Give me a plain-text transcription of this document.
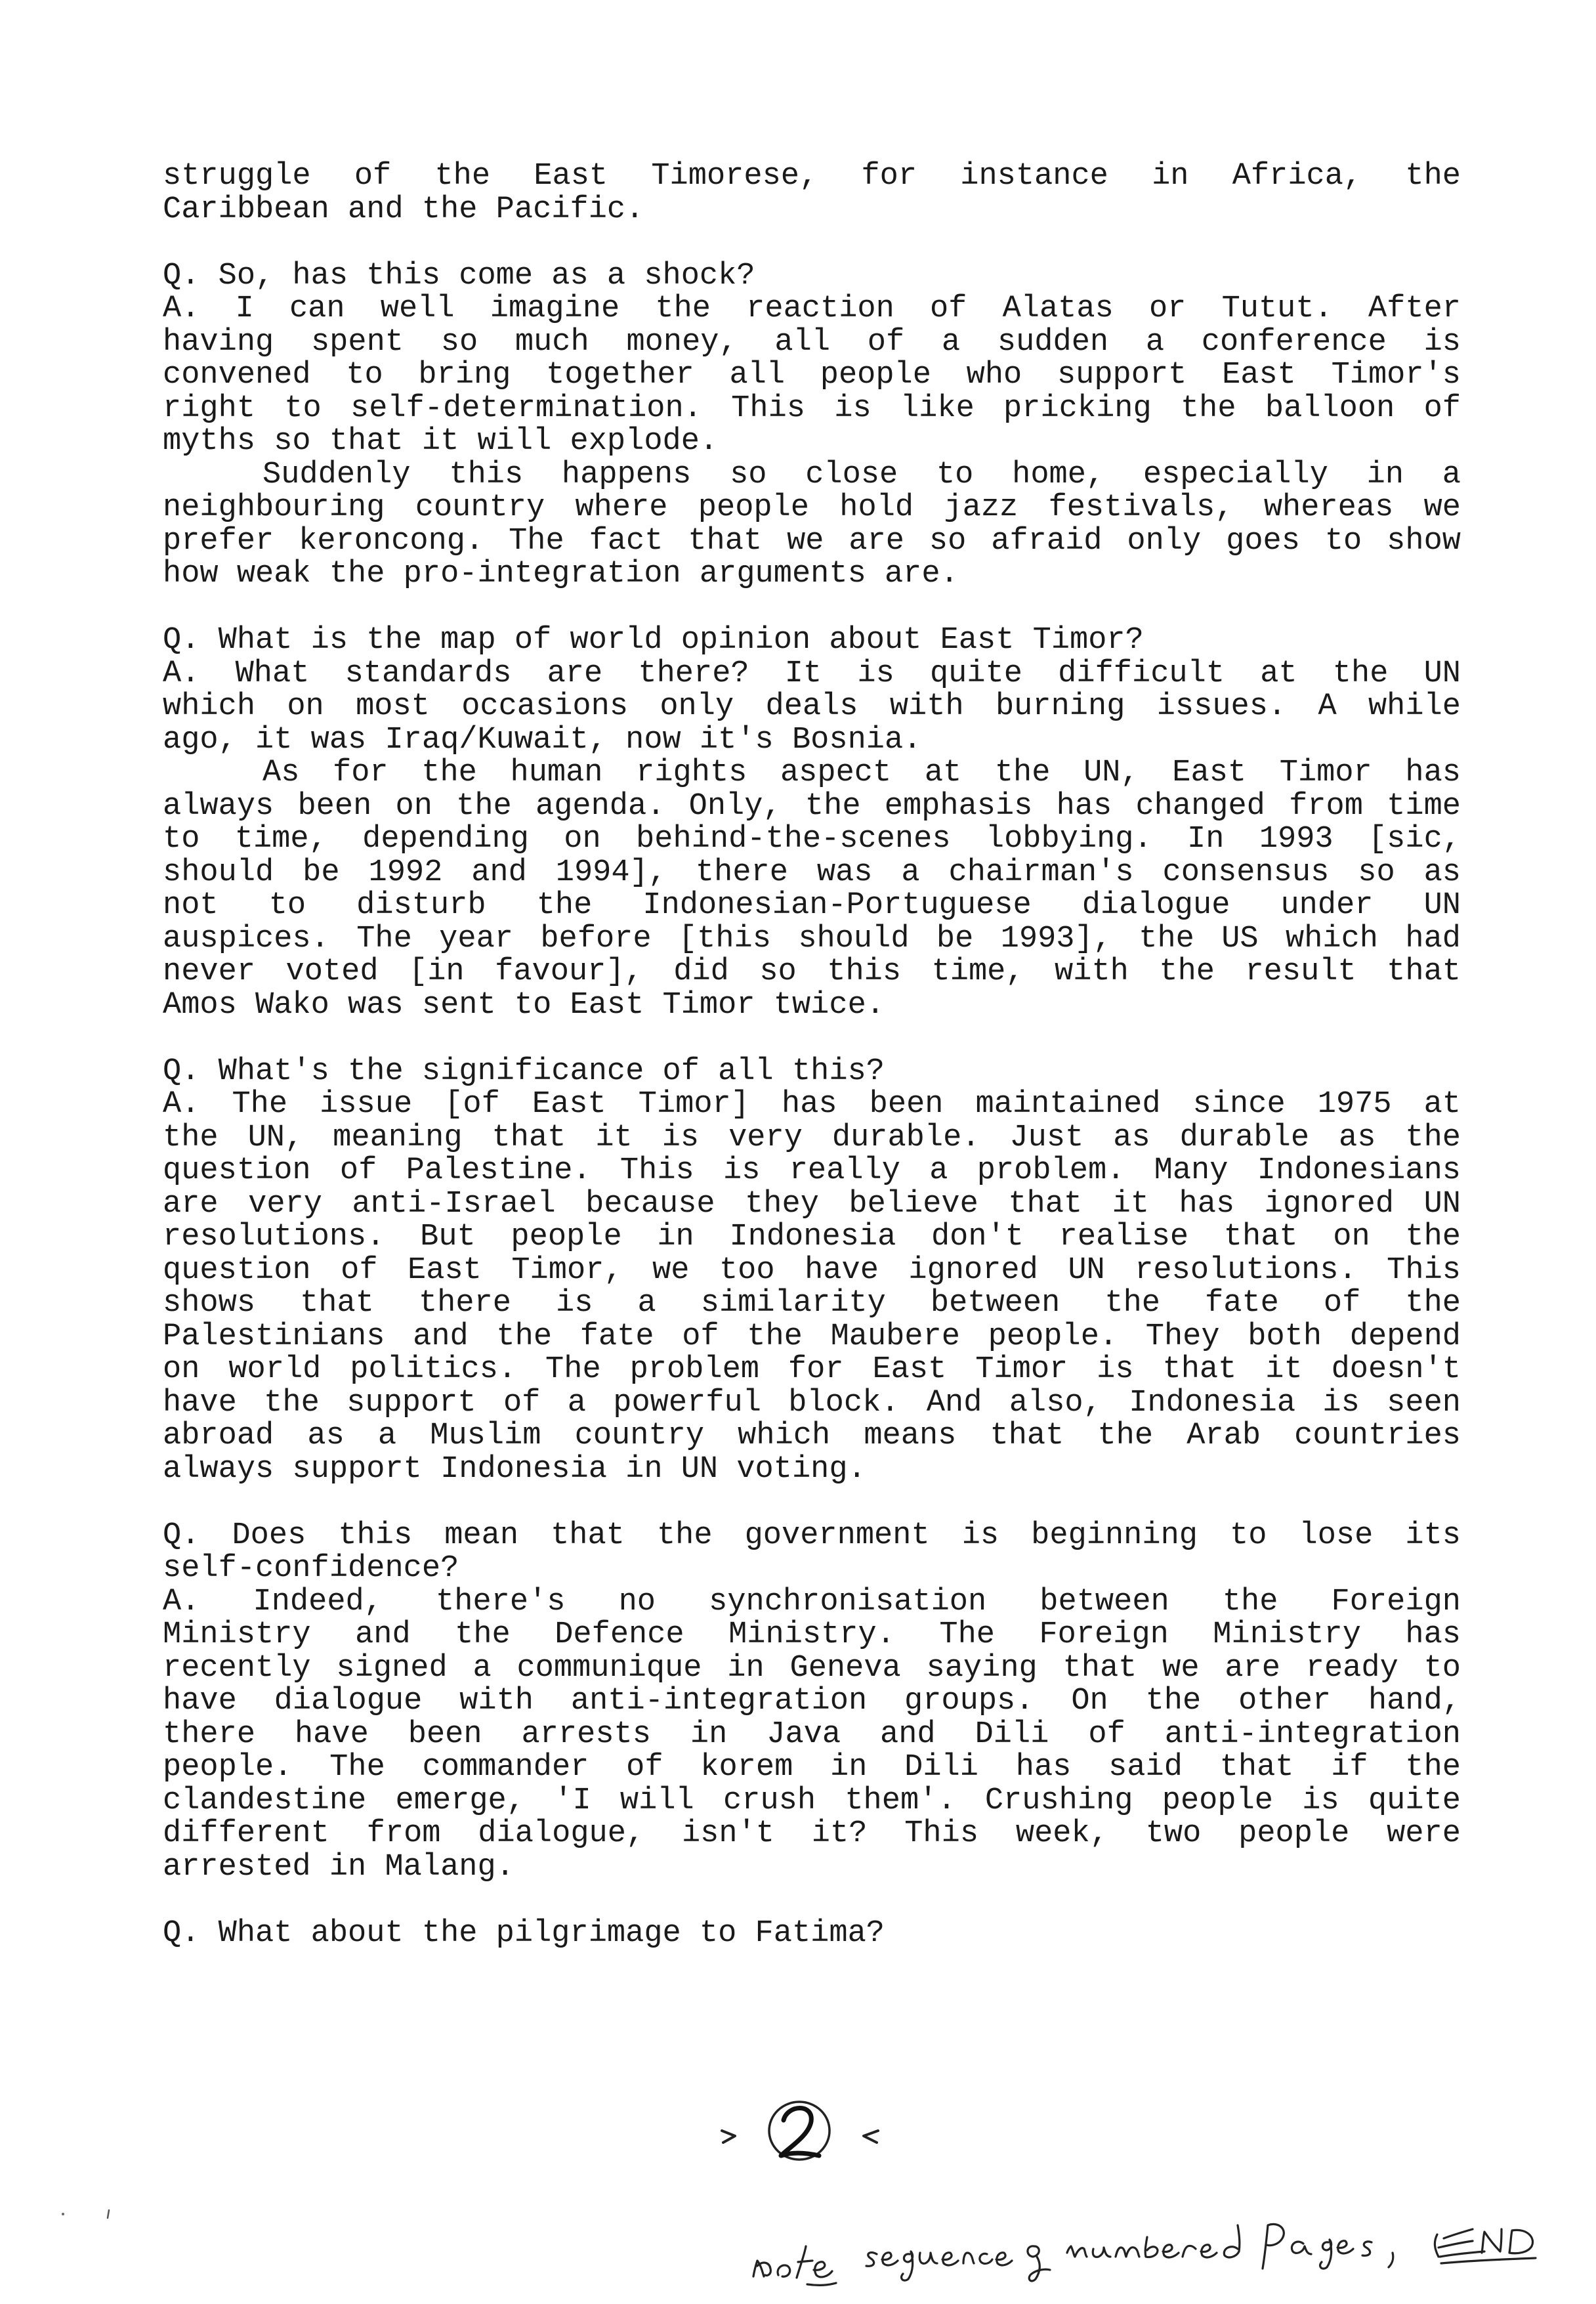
struggle of the East Timorese, for instance in Africa, the
Caribbean and the Pacific.
Q. So, has this come as a shock?
A. I can well imagine the reaction of Alatas or Tutut. After
having spent so much money, all of a sudden a conference is
convened to bring together all people who support East Timor's
right to self-determination. This is like pricking the balloon of
myths so that it will explode.
Suddenly this happens so close to home, especially in a
neighbouring country where people hold jazz festivals, whereas we
prefer keroncong. The fact that we are so afraid only goes to show
how weak the pro-integration arguments are.
Q. What is the map of world opinion about East Timor?
A. What standards are there? It is quite difficult at the UN
which on most occasions only deals with burning issues. A while
ago, it was Iraq/Kuwait, now it's Bosnia.
As for the human rights aspect at the UN, East Timor has
always been on the agenda. Only, the emphasis has changed from time
to time, depending on behind-the-scenes lobbying. In 1993 [sic,
should be 1992 and 1994], there was a chairman's consensus so as
not to disturb the Indonesian-Portuguese dialogue under UN
auspices. The year before [this should be 1993], the US which had
never voted [in favour], did so this time, with the result that
Amos Wako was sent to East Timor twice.
Q. What's the significance of all this?
A. The issue [of East Timor] has been maintained since 1975 at
the UN, meaning that it is very durable. Just as durable as the
question of Palestine. This is really a problem. Many Indonesians
are very anti-Israel because they believe that it has ignored UN
resolutions. But people in Indonesia don't realise that on the
question of East Timor, we too have ignored UN resolutions. This
shows that there is a similarity between the fate of the
Palestinians and the fate of the Maubere people. They both depend
on world politics. The problem for East Timor is that it doesn't
have the support of a powerful block. And also, Indonesia is seen
abroad as a Muslim country which means that the Arab countries
always support Indonesia in UN voting.
Q. Does this mean that the government is beginning to lose its
self-confidence?
A. Indeed, there's no synchronisation between the Foreign
Ministry and the Defence Ministry. The Foreign Ministry has
recently signed a communique in Geneva saying that we are ready to
have dialogue with anti-integration groups. On the other hand,
there have been arrests in Java and Dili of anti-integration
people. The commander of korem in Dili has said that if the
clandestine emerge, 'I will crush them'. Crushing people is quite
different from dialogue, isn't it? This week, two people were
arrested in Malang.
Q. What about the pilgrimage to Fatima?
